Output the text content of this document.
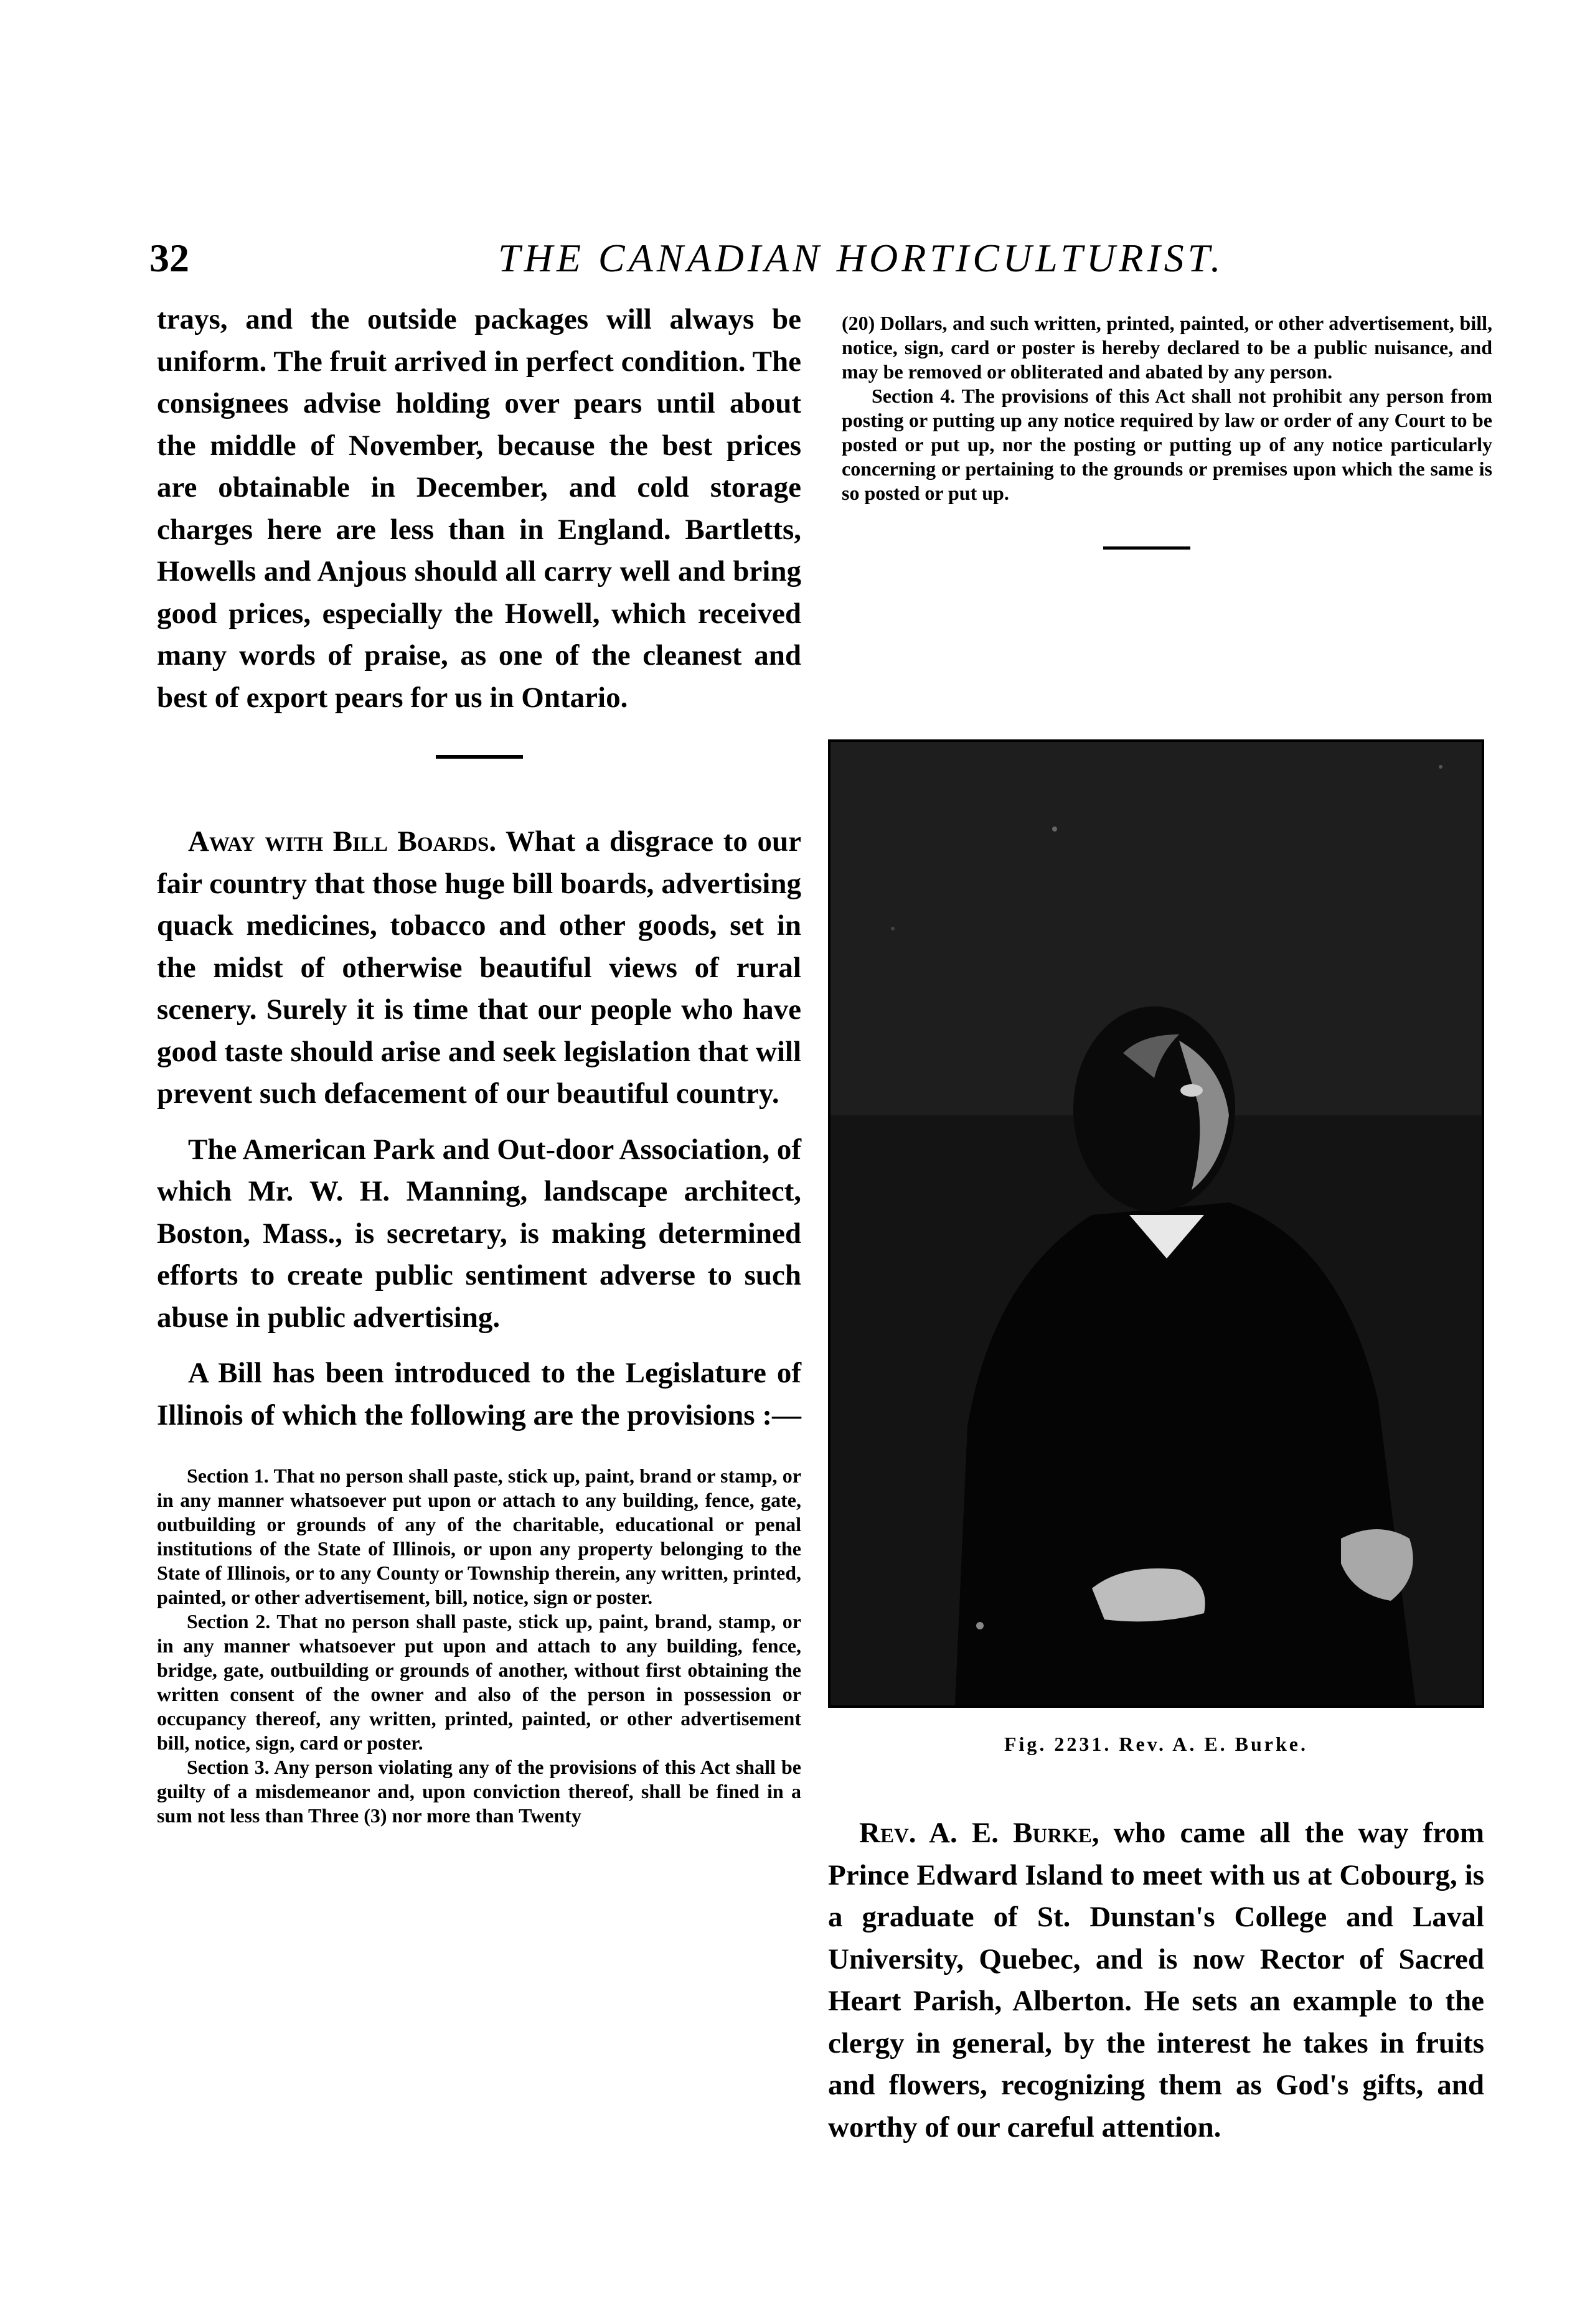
32	THE CANADIAN HORTICULTURIST.

trays, and the outside packages will always be uniform. The fruit arrived in perfect condition. The consignees advise holding over pears until about the middle of November, because the best prices are obtainable in December, and cold storage charges here are less than in England. Bartletts, Howells and Anjous should all carry well and bring good prices, especially the Howell, which received many words of praise, as one of the cleanest and best of export pears for us in Ontario.

Away with Bill Boards. What a disgrace to our fair country that those huge bill boards, advertising quack medicines, tobacco and other goods, set in the midst of otherwise beautiful views of rural scenery. Surely it is time that our people who have good taste should arise and seek legislation that will prevent such defacement of our beautiful country.

The American Park and Out-door Association, of which Mr. W. H. Manning, landscape architect, Boston, Mass., is secretary, is making determined efforts to create public sentiment adverse to such abuse in public advertising.

A Bill has been introduced to the Legislature of Illinois of which the following are the provisions :—

Section 1. That no person shall paste, stick up, paint, brand or stamp, or in any manner whatsoever put upon or attach to any building, fence, gate, outbuilding or grounds of any of the charitable, educational or penal institutions of the State of Illinois, or upon any property belonging to the State of Illinois, or to any County or Township therein, any written, printed, painted, or other advertisement, bill, notice, sign or poster.

Section 2. That no person shall paste, stick up, paint, brand, stamp, or in any manner whatsoever put upon and attach to any building, fence, bridge, gate, outbuilding or grounds of another, without first obtaining the written consent of the owner and also of the person in possession or occupancy thereof, any written, printed, painted, or other advertisement bill, notice, sign, card or poster.

Section 3. Any person violating any of the provisions of this Act shall be guilty of a misdemeanor and, upon conviction thereof, shall be fined in a sum not less than Three (3) nor more than Twenty

(20) Dollars, and such written, printed, painted, or other advertisement, bill, notice, sign, card or poster is hereby declared to be a public nuisance, and may be removed or obliterated and abated by any person.

Section 4. The provisions of this Act shall not prohibit any person from posting or putting up any notice required by law or order of any Court to be posted or put up, nor the posting or putting up of any notice particularly concerning or pertaining to the grounds or premises upon which the same is so posted or put up.

Fig. 2231. Rev. A. E. Burke.

Rev. A. E. Burke, who came all the way from Prince Edward Island to meet with us at Cobourg, is a graduate of St. Dunstan's College and Laval University, Quebec, and is now Rector of Sacred Heart Parish, Alberton. He sets an example to the clergy in general, by the interest he takes in fruits and flowers, recognizing them as God's gifts, and worthy of our careful attention.
